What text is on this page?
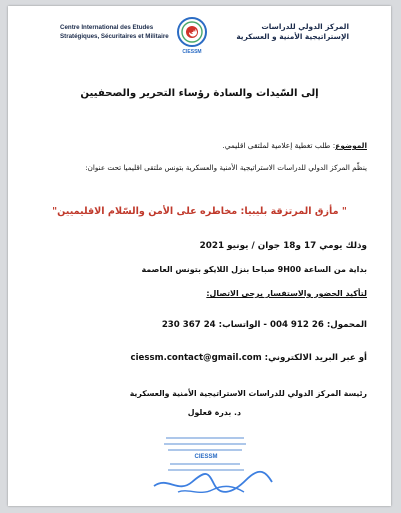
Centre International des Etudes
Stratégiques, Sécuritaires et Militaire
CIESSM
المركز الدولي للدراسات
الإستراتيجية الأمنية و العسكرية
إلى السّيدات والسادة رؤساء التحرير والصحفيين
الموضوع: طلب تغطية إعلامية لملتقى اقليمي.
ينظّم المركز الدولي للدراسات الاستراتيجية الأمنية والعسكرية بتونس ملتقى اقليميا تحت عنوان:
" مأزق المرتزقة بليبيا: مخاطره على الأمن والسّلام الاقليميين"
وذلك يومي 17 و18 جوان / يونيو 2021
بداية من الساعة 9H00 صباحا بنزل اللايكو بتونس العاصمة
لتأكيد الحضور والاستفسار يرجى الاتصال:
المحمول: 004 912 26 - الواتساب: 230 367 24
أو عبر البريد الالكتروني: ciessm.contact@gmail.com
رئيسة المركز الدولي للدراسات الاستراتيجية الأمنية والعسكرية
د. بدرة قعلول
CIESSM
